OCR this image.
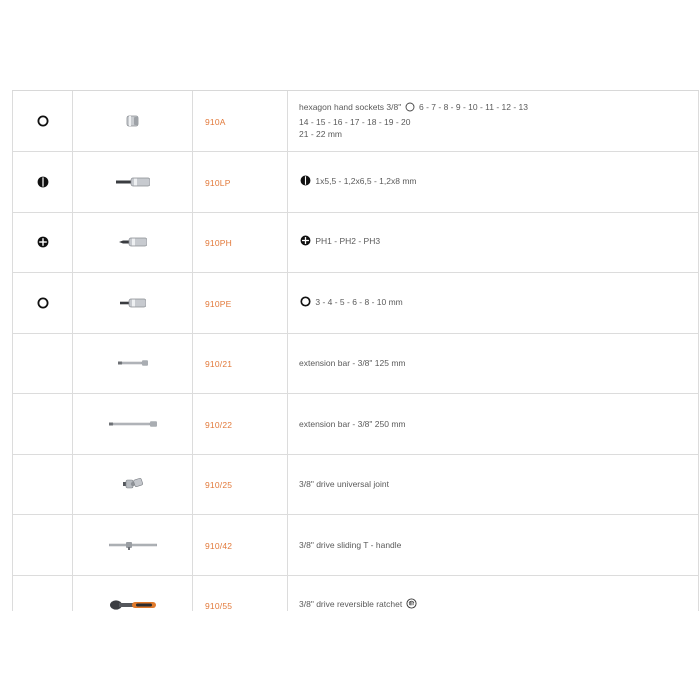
		910A	hexagon hand sockets 3/8" 6 - 7 - 8 - 9 - 10 - 11 - 12 - 13
14 - 15 - 16 - 17 - 18 - 19 - 20
21 - 22 mm

		910LP	1x5,5 - 1,2x6,5 - 1,2x8 mm

		910PH	PH1 - PH2 - PH3

		910PE	3 - 4 - 5 - 6 - 8 - 10 mm

		910/21	extension bar - 3/8" 125 mm

		910/22	extension bar - 3/8" 250 mm

		910/25	3/8" drive universal joint

		910/42	3/8" drive sliding T - handle

		910/55	3/8" drive reversible ratchet
